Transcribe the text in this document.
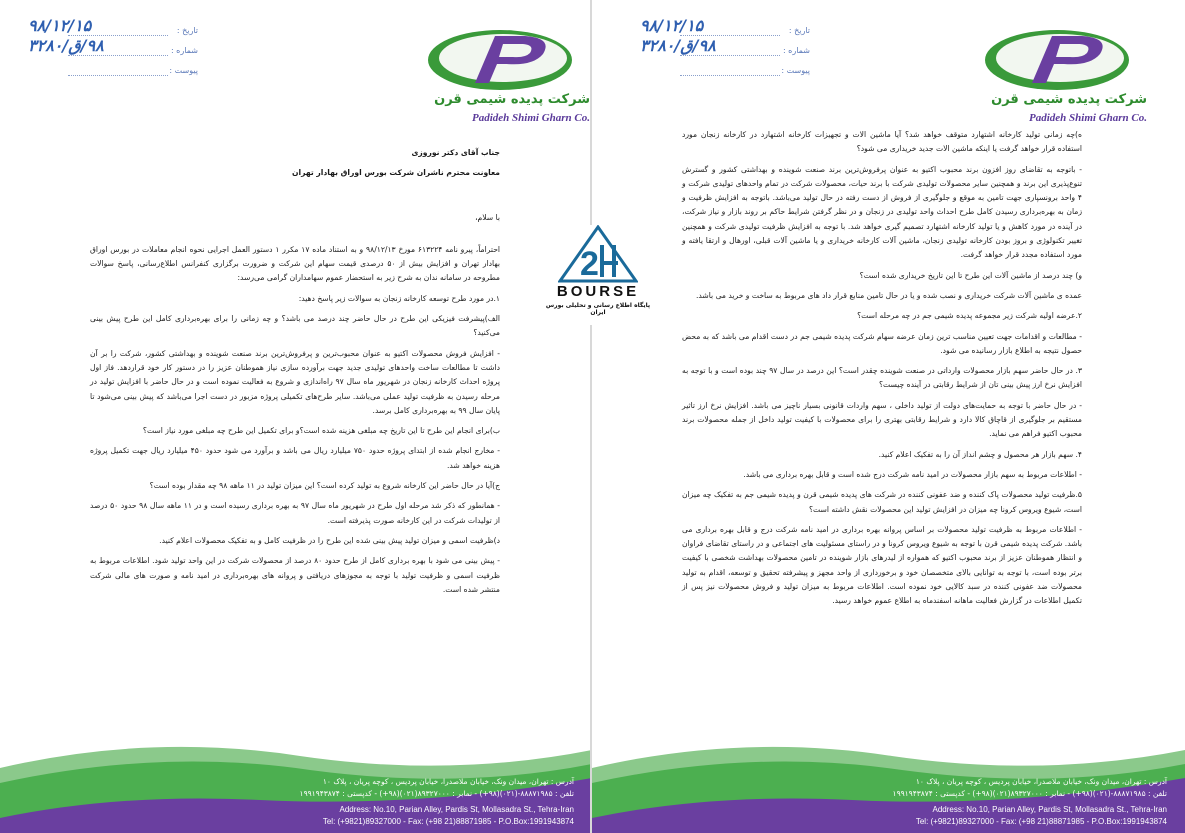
تاریخ :
۹۸/۱۲/۱۵
شماره :
۹۸/ق/۳۲۸۰
پیوست :
شرکت پدیده شیمی قرن
Padideh Shimi Gharn Co.

جناب آقای دکتر نوروزی

معاونت محترم ناشران شرکت بورس اوراق بهادار تهران

با سلام،

احتراماً، پیرو نامه ۶۱۳۲۲۴ مورخ ۹۸/۱۲/۱۳ و به استناد ماده ۱۷ مکرر ۱ دستور العمل اجرایی نحوه انجام معاملات در بورس اوراق بهادار تهران و افزایش بیش از ۵۰ درصدی قیمت سهام این شرکت و ضرورت برگزاری کنفرانس اطلاع‌رسانی، پاسخ سوالات مطروحه در سامانه ندان به شرح زیر به استحضار عموم سهامداران گرامی می‌رسد:

۱.در مورد طرح توسعه کارخانه زنجان به سوالات زیر پاسخ دهید:

الف)پیشرفت فیزیکی این طرح در حال حاضر چند درصد می باشد؟ و چه زمانی را برای بهره‌برداری کامل این طرح پیش بینی می‌کنید؟

- افزایش فروش محصولات اکتیو به عنوان محبوب‌ترین و پرفروش‌ترین برند صنعت شوینده و بهداشتی کشور، شرکت را بر آن داشت تا مطالعات ساخت واحدهای تولیدی جدید جهت برآورده سازی نیاز هموطنان عزیز را در دستور کار خود قراردهد. فاز اول پروژه احداث کارخانه زنجان در شهریور ماه سال ۹۷ راه‌اندازی و شروع به فعالیت نموده است و در حال حاضر با افزایش تولید در مرحله رسیدن به ظرفیت تولید عملی می‌باشد. سایر طرح‌های تکمیلی پروژه مزبور در دست اجرا می‌باشد که پیش بینی می‌شود تا پایان سال ۹۹ به بهره‌برداری کامل برسد.

ب)برای انجام این طرح تا این تاریخ چه مبلغی هزینه شده است؟و برای تکمیل این طرح چه مبلغی مورد نیاز است؟

- مخارج انجام شده از ابتدای پروژه حدود ۷۵۰ میلیارد ریال می باشد و برآورد می شود حدود ۴۵۰ میلیارد ریال جهت تکمیل پروژه هزینه خواهد شد.

ج)آیا در حال حاضر این کارخانه شروع به تولید کرده است؟ این میزان تولید در ۱۱ ماهه ۹۸ چه مقدار بوده است؟

- همانطور که ذکر شد مرحله اول طرح در شهریور ماه سال ۹۷ به بهره برداری رسیده است و در ۱۱ ماهه سال ۹۸ حدود ۵۰ درصد از تولیدات شرکت در این کارخانه صورت پذیرفته است.

د)ظرفیت اسمی و میزان تولید پیش بینی شده این طرح را در ظرفیت کامل و به تفکیک محصولات اعلام کنید.

- پیش بینی می شود با بهره برداری کامل از طرح حدود ۸۰ درصد از محصولات شرکت در این واحد تولید شود. اطلاعات مربوط به ظرفیت اسمی و ظرفیت تولید با توجه به مجوزهای دریافتی و پروانه های بهره‌برداری در امید نامه و صورت های مالی شرکت منتشر شده است.

آدرس : تهران، میدان ونک، خیابان ملاصدرا، خیابان پردیس ، کوچه پریان ، پلاک ۱۰
تلفن : ۸۸۸۷۱۹۸۵-(۰۲۱)(۹۸+) - نمابر : ۸۹۳۲۷۰۰۰(۰۲۱)(۹۸+) - کدپستی : ۱۹۹۱۹۴۳۸۷۴
Address: No.10, Parian Alley, Pardis St, Mollasadra St., Tehra-Iran
Tel: (+9821)89327000 - Fax: (+98 21)88871985 - P.O.Box:1991943874
تاریخ :
۹۸/۱۲/۱۵
شماره :
۹۸/ق/۳۲۸۰
پیوست :
شرکت پدیده شیمی قرن
Padideh Shimi Gharn Co.

ه)چه زمانی تولید کارخانه اشتهارد متوقف خواهد شد؟ آیا ماشین الات و تجهیزات کارخانه اشتهارد در کارخانه زنجان مورد استفاده قرار خواهد گرفت یا اینکه ماشین الات جدید خریداری می شود؟

- باتوجه به تقاضای روز افزون برند محبوب اکتیو به عنوان پرفروش‌ترین برند صنعت شوینده و بهداشتی کشور و گسترش تنوع‌پذیری این برند و همچنین سایر محصولات تولیدی شرکت با برند حیات، محصولات شرکت در تمام واحدهای تولیدی شرکت و ۴ واحد برونسپاری جهت تامین به موقع و جلوگیری از فروش از دست رفته در حال تولید می‌باشد. باتوجه به افزایش ظرفیت و زمان به بهره‌برداری رسیدن کامل طرح احداث واحد تولیدی در زنجان و در نظر گرفتن شرایط حاکم بر روند بازار و نیاز شرکت، در آینده در مورد کاهش و یا تولید کارخانه اشتهارد تصمیم گیری خواهد شد. با توجه به افزایش ظرفیت تولیدی شرکت و همچنین تغییر تکنولوژی و بروز بودن کارخانه تولیدی زنجان، ماشین آلات کارخانه خریداری و یا ماشین آلات قبلی، اورهال و ارتقا یافته و مورد استفاده مجدد قرار خواهد گرفت.

و) چند درصد از ماشین آلات این طرح تا این تاریخ خریداری شده است؟

عمده ی ماشین آلات شرکت خریداری و نصب شده و یا در حال تامین منابع قرار داد های مربوط به ساخت و خرید می باشد.

۲.عرضه اولیه شرکت زیر مجموعه پدیده شیمی جم در چه مرحله است؟

- مطالعات و اقدامات جهت تعیین مناسب ترین زمان عرضه سهام شرکت پدیده شیمی جم در دست اقدام می باشد که به محض حصول نتیجه به اطلاع بازار رسانیده می شود.

۳. در حال حاضر سهم بازار محصولات وارداتی در صنعت شوینده چقدر است؟ این درصد در سال ۹۷ چند بوده است و با توجه به افزایش نرخ ارز پیش بینی تان از شرایط رقابتی در آینده چیست؟

- در حال حاضر با توجه به حمایت‌های دولت از تولید داخلی ، سهم واردات قانونی بسیار ناچیز می باشد. افزایش نرخ ارز تاثیر مستقیم بر جلوگیری از قاچاق کالا دارد و شرایط رقابتی بهتری را برای محصولات با کیفیت تولید داخل از جمله محصولات برند محبوب اکتیو فراهم می نماید.

۴. سهم بازار هر محصول و چشم انداز آن را به تفکیک اعلام کنید.

- اطلاعات مربوط به سهم بازار محصولات در امید نامه شرکت درج شده است و قابل بهره برداری می باشد.

۵.ظرفیت تولید محصولات پاک کننده و ضد عفونی کننده در شرکت های پدیده شیمی قرن و پدیده شیمی جم به تفکیک چه میزان است، شیوع ویروس کرونا چه میزان در افزایش تولید این محصولات نقش داشته است؟

- اطلاعات مربوط به ظرفیت تولید محصولات بر اساس پروانه بهره برداری در امید نامه شرکت درج و قابل بهره برداری می باشد. شرکت پدیده شیمی قرن با توجه به شیوع ویروس کرونا و در راستای مسئولیت های اجتماعی و در راستای تقاضای فراوان و انتظار هموطنان عزیز از برند محبوب اکتیو که همواره از لیدرهای بازار شوینده در تامین محصولات بهداشت شخصی با کیفیت برتر بوده است، با توجه به توانایی بالای متخصصان خود و برخورداری از واحد مجهز و پیشرفته تحقیق و توسعه، اقدام به تولید محصولات ضد عفونی کننده در سبد کالایی خود نموده است. اطلاعات مربوط به میزان تولید و فروش محصولات نیز پس از تکمیل اطلاعات در گزارش فعالیت ماهانه اسفندماه به اطلاع عموم خواهد رسید.

آدرس : تهران، میدان ونک، خیابان ملاصدرا، خیابان پردیس ، کوچه پریان ، پلاک ۱۰
تلفن : ۸۸۸۷۱۹۸۵-(۰۲۱)(۹۸+) - نمابر : ۸۹۳۲۷۰۰۰(۰۲۱)(۹۸+) - کدپستی : ۱۹۹۱۹۴۳۸۷۴
Address: No.10, Parian Alley, Pardis St, Mollasadra St., Tehra-Iran
Tel: (+9821)89327000 - Fax: (+98 21)88871985 - P.O.Box:1991943874
2
BOURSE
پایگاه اطلاع رسانی و تحلیلی بورس ایران
